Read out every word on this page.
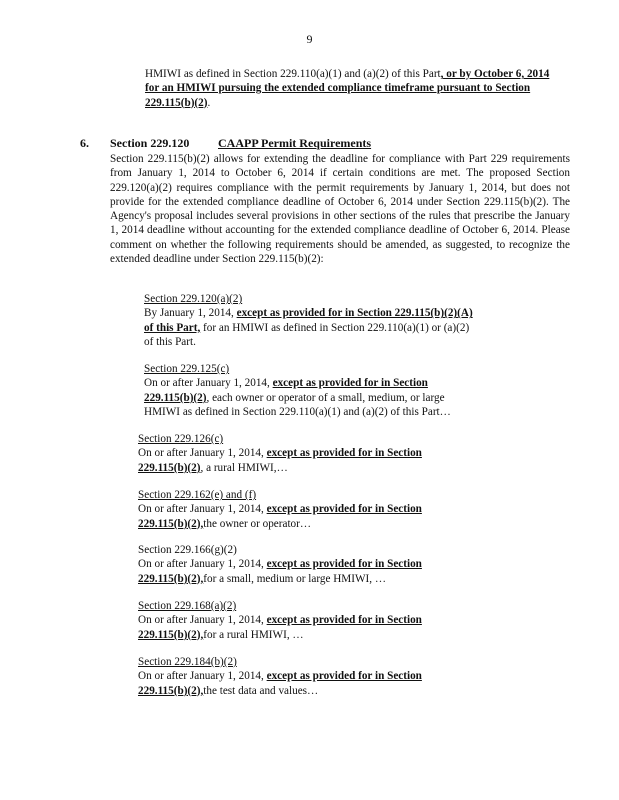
9
HMIWI as defined in Section 229.110(a)(1) and (a)(2) of this Part, or by October 6, 2014 for an HMIWI pursuing the extended compliance timeframe pursuant to Section 229.115(b)(2).
6. Section 229.120 CAAPP Permit Requirements
Section 229.115(b)(2) allows for extending the deadline for compliance with Part 229 requirements from January 1, 2014 to October 6, 2014 if certain conditions are met. The proposed Section 229.120(a)(2) requires compliance with the permit requirements by January 1, 2014, but does not provide for the extended compliance deadline of October 6, 2014 under Section 229.115(b)(2). The Agency's proposal includes several provisions in other sections of the rules that prescribe the January 1, 2014 deadline without accounting for the extended compliance deadline of October 6, 2014. Please comment on whether the following requirements should be amended, as suggested, to recognize the extended deadline under Section 229.115(b)(2):
Section 229.120(a)(2)
By January 1, 2014, except as provided for in Section 229.115(b)(2)(A)
of this Part, for an HMIWI as defined in Section 229.110(a)(1) or (a)(2)
of this Part.
Section 229.125(c)
On or after January 1, 2014, except as provided for in Section
229.115(b)(2), each owner or operator of a small, medium, or large
HMIWI as defined in Section 229.110(a)(1) and (a)(2) of this Part…
Section 229.126(c)
On or after January 1, 2014, except as provided for in Section
229.115(b)(2), a rural HMIWI,…
Section 229.162(e) and (f)
On or after January 1, 2014, except as provided for in Section
229.115(b)(2),the owner or operator…
Section 229.166(g)(2)
On or after January 1, 2014, except as provided for in Section
229.115(b)(2),for a small, medium or large HMIWI, …
Section 229.168(a)(2)
On or after January 1, 2014, except as provided for in Section
229.115(b)(2),for a rural HMIWI, …
Section 229.184(b)(2)
On or after January 1, 2014, except as provided for in Section
229.115(b)(2),the test data and values…
